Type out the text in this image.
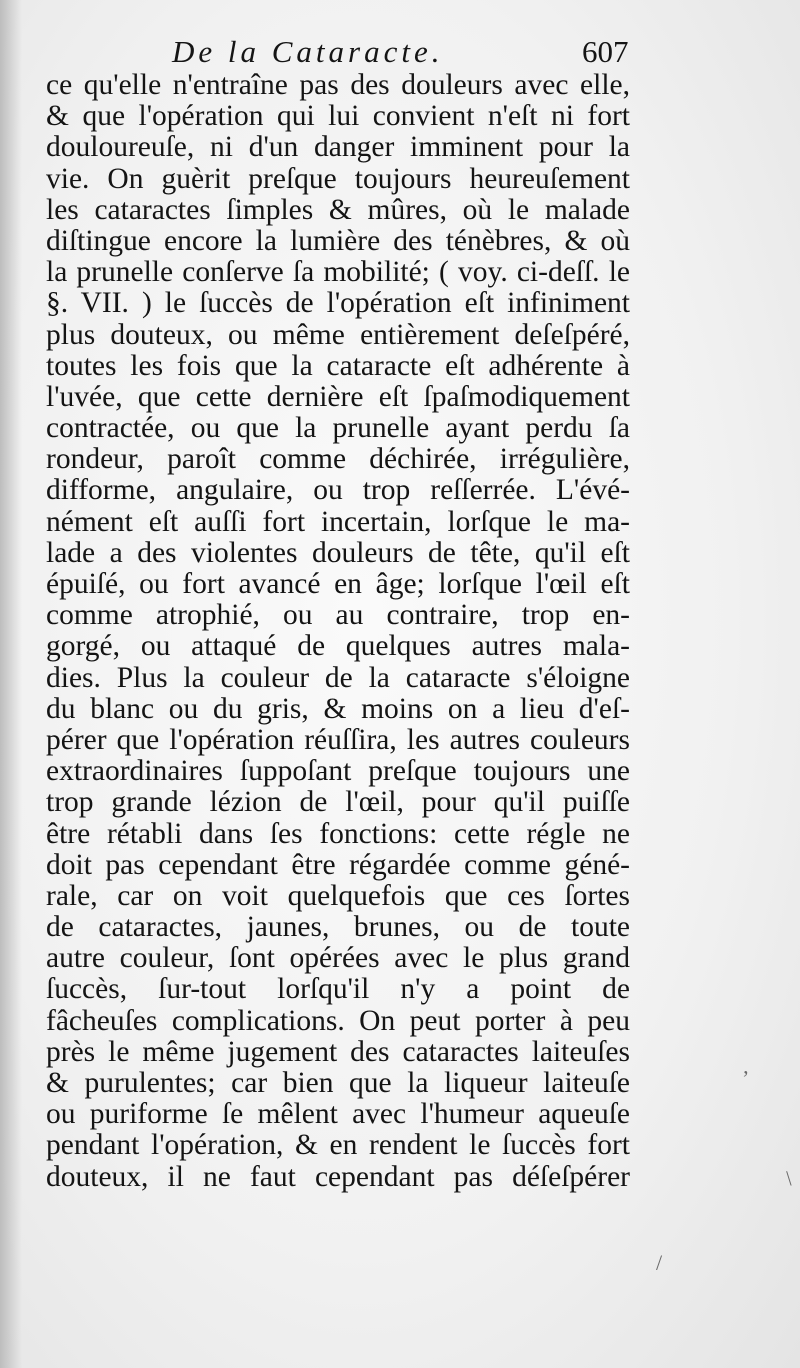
De la Cataracte.	607
ce qu'elle n'entraîne pas des douleurs avec elle,
& que l'opération qui lui convient n'eſt ni fort
douloureuſe, ni d'un danger imminent pour la
vie. On guèrit preſque toujours heureuſement
les cataractes ſimples & mûres, où le malade
diſtingue encore la lumière des ténèbres, & où
la prunelle conſerve ſa mobilité; ( voy. ci-deſſ. le
§. VII. ) le ſuccès de l'opération eſt infiniment
plus douteux, ou même entièrement deſeſpéré,
toutes les fois que la cataracte eſt adhérente à
l'uvée, que cette dernière eſt ſpaſmodiquement
contractée, ou que la prunelle ayant perdu ſa
rondeur, paroît comme déchirée, irrégulière,
difforme, angulaire, ou trop reſſerrée. L'évé-
nément eſt auſſi fort incertain, lorſque le ma-
lade a des violentes douleurs de tête, qu'il eſt
épuiſé, ou fort avancé en âge; lorſque l'œil eſt
comme atrophié, ou au contraire, trop en-
gorgé, ou attaqué de quelques autres mala-
dies. Plus la couleur de la cataracte s'éloigne
du blanc ou du gris, & moins on a lieu d'eſ-
pérer que l'opération réuſſira, les autres couleurs
extraordinaires ſuppoſant preſque toujours une
trop grande lézion de l'œil, pour qu'il puiſſe
être rétabli dans ſes fonctions: cette régle ne
doit pas cependant être régardée comme géné-
rale, car on voit quelquefois que ces ſortes
de cataractes, jaunes, brunes, ou de toute
autre couleur, ſont opérées avec le plus grand
ſuccès, ſur-tout lorſqu'il n'y a point de
fâcheuſes complications. On peut porter à peu
près le même jugement des cataractes laiteuſes
& purulentes; car bien que la liqueur laiteuſe
ou puriforme ſe mêlent avec l'humeur aqueuſe
pendant l'opération, & en rendent le ſuccès fort
douteux, il ne faut cependant pas déſeſpérer
ʼ
﹨
/
